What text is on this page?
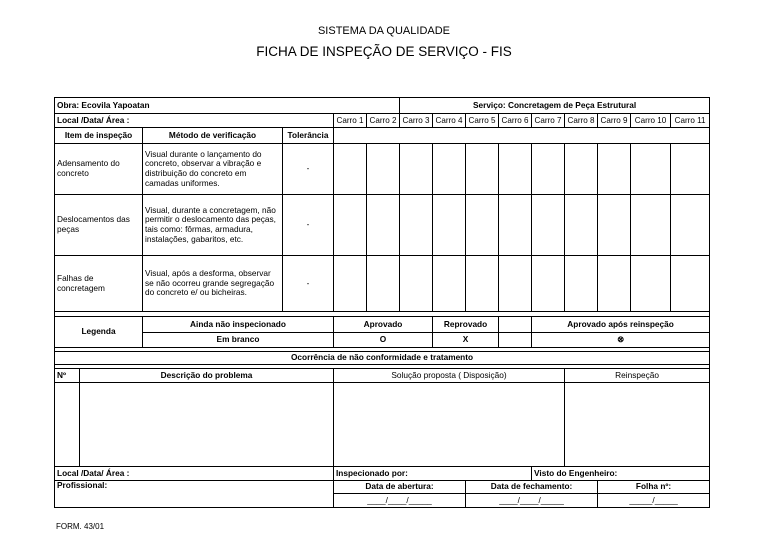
SISTEMA DA QUALIDADE
FICHA DE INSPEÇÃO DE SERVIÇO - FIS
Obra: Ecovila Yapoatan						Serviço: Concretagem de Peça Estrutural								
Local /Data/ Área :				Carro 1	Carro 2	Carro 3	Carro 4	Carro 5	Carro 6	Carro 7	Carro 8	Carro 9	Carro 10	Carro 11
Item de inspeção		Método de verificação	Tolerância											
Adensamento do concreto		Visual durante o lançamento do concreto, observar a vibração e distribuição do concreto em camadas uniformes.	-											
Deslocamentos das peças		Visual, durante a concretagem, não permitir o deslocamento das peças, tais como: fôrmas, armadura, instalações, gabaritos, etc.	-											
Falhas de concretagem		Visual, após a desforma, observar se não ocorreu grande segregação do concreto e/ ou bicheiras.	-											

Legenda		Ainda não inspecionado		Aprovado			Reprovado			Aprovado após reinspeção				
		Em branco		O			X			⊗				

Ocorrência de não conformidade e tratamento														

Nº	Descrição do problema			Solução proposta ( Disposição)							Reinspeção			

Local /Data/ Área :				Inspecionado por:						Visto do Engenheiro:				
Profissional:				Data de abertura:				Data de fechamento:				Folha nº:		
				____/____/_____				____/____/_____				_____/_____		
FORM. 43/01
